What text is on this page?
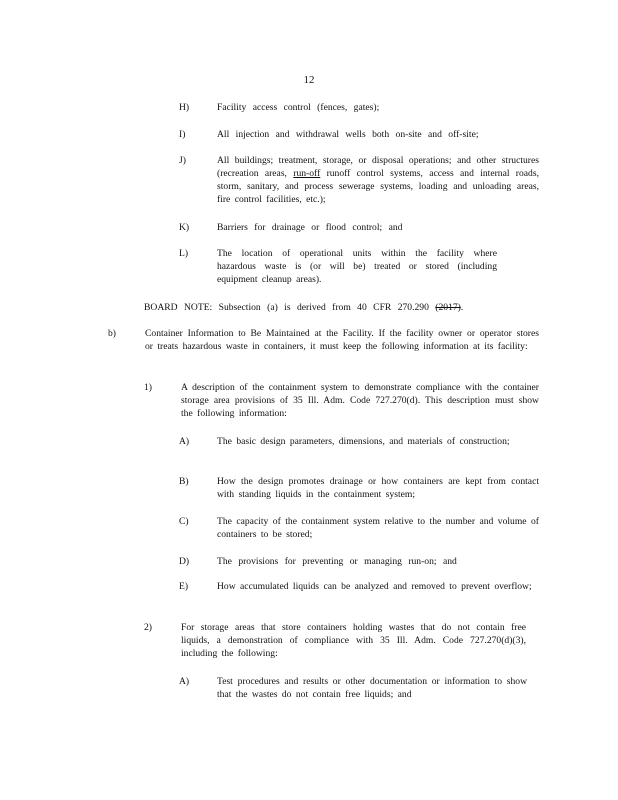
12
H)	Facility access control (fences, gates);
I)	All injection and withdrawal wells both on-site and off-site;
J)	All buildings; treatment, storage, or disposal operations; and other structures (recreation areas, run-off runoff control systems, access and internal roads, storm, sanitary, and process sewerage systems, loading and unloading areas, fire control facilities, etc.);
K)	Barriers for drainage or flood control; and
L)	The location of operational units within the facility where hazardous waste is (or will be) treated or stored (including equipment cleanup areas).
BOARD NOTE: Subsection (a) is derived from 40 CFR 270.290 (2017).
b)	Container Information to Be Maintained at the Facility. If the facility owner or operator stores or treats hazardous waste in containers, it must keep the following information at its facility:
1)	A description of the containment system to demonstrate compliance with the container storage area provisions of 35 Ill. Adm. Code 727.270(d). This description must show the following information:
A)	The basic design parameters, dimensions, and materials of construction;
B)	How the design promotes drainage or how containers are kept from contact with standing liquids in the containment system;
C)	The capacity of the containment system relative to the number and volume of containers to be stored;
D)	The provisions for preventing or managing run-on; and
E)	How accumulated liquids can be analyzed and removed to prevent overflow;
2)	For storage areas that store containers holding wastes that do not contain free liquids, a demonstration of compliance with 35 Ill. Adm. Code 727.270(d)(3), including the following:
A)	Test procedures and results or other documentation or information to show that the wastes do not contain free liquids; and
